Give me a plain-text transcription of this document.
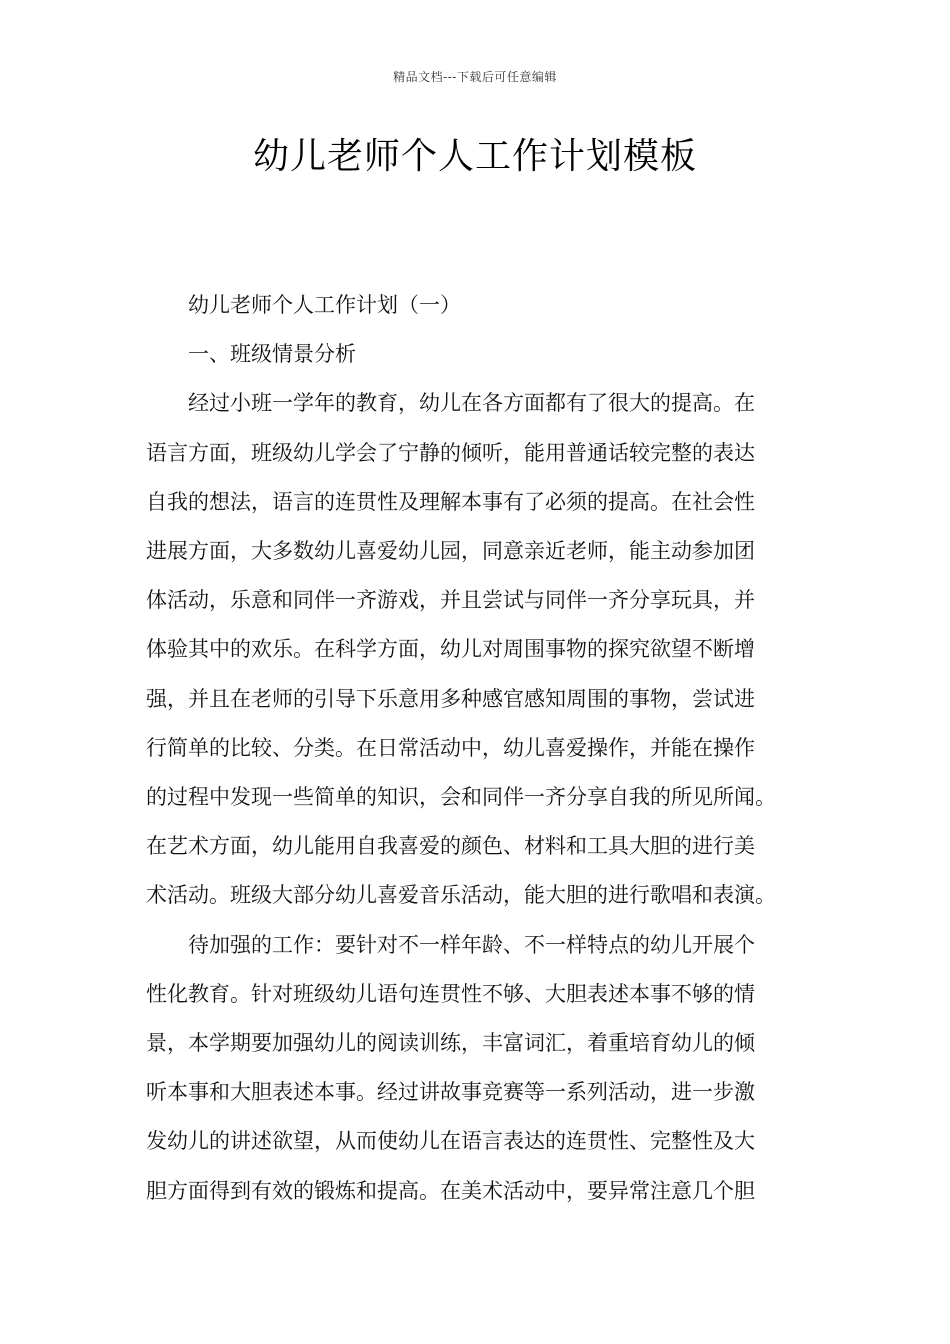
精品文档---下载后可任意编辑
幼儿老师个人工作计划模板

幼儿老师个人工作计划（一）

一、班级情景分析

经过小班一学年的教育，幼儿在各方面都有了很大的提高。在
语言方面，班级幼儿学会了宁静的倾听，能用普通话较完整的表达
自我的想法，语言的连贯性及理解本事有了必须的提高。在社会性
进展方面，大多数幼儿喜爱幼儿园，同意亲近老师，能主动参加团
体活动，乐意和同伴一齐游戏，并且尝试与同伴一齐分享玩具，并
体验其中的欢乐。在科学方面，幼儿对周围事物的探究欲望不断增
强，并且在老师的引导下乐意用多种感官感知周围的事物，尝试进
行简单的比较、分类。在日常活动中，幼儿喜爱操作，并能在操作
的过程中发现一些简单的知识，会和同伴一齐分享自我的所见所闻。
在艺术方面，幼儿能用自我喜爱的颜色、材料和工具大胆的进行美
术活动。班级大部分幼儿喜爱音乐活动，能大胆的进行歌唱和表演。
待加强的工作：要针对不一样年龄、不一样特点的幼儿开展个
性化教育。针对班级幼儿语句连贯性不够、大胆表述本事不够的情
景，本学期要加强幼儿的阅读训练，丰富词汇，着重培育幼儿的倾
听本事和大胆表述本事。经过讲故事竞赛等一系列活动，进一步激
发幼儿的讲述欲望，从而使幼儿在语言表达的连贯性、完整性及大
胆方面得到有效的锻炼和提高。在美术活动中，要异常注意几个胆
